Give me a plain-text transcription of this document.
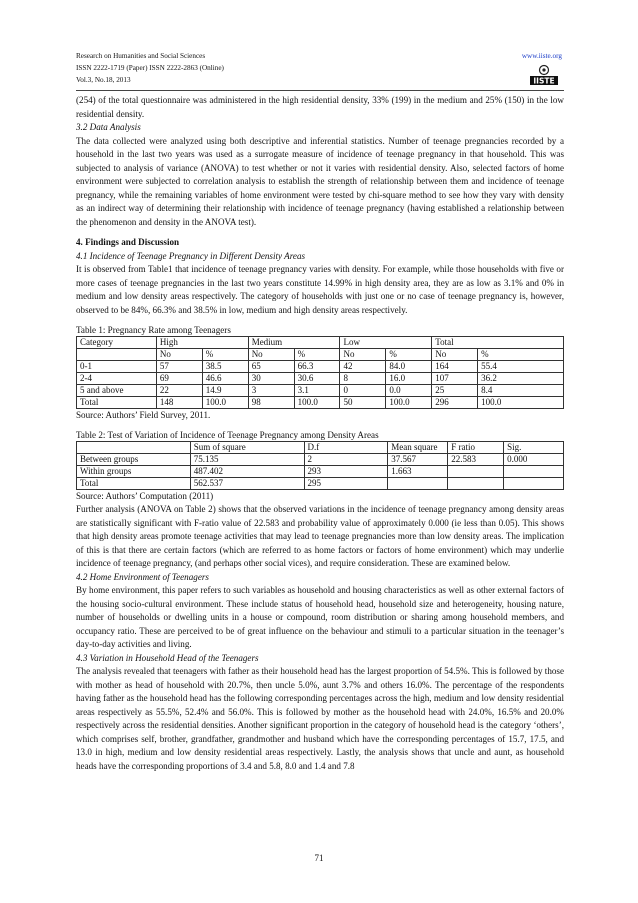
Research on Humanities and Social Sciences
ISSN 2222-1719 (Paper) ISSN 2222-2863 (Online)
Vol.3, No.18, 2013
www.iiste.org
IISTE

(254) of the total questionnaire was administered in the high residential density, 33% (199) in the medium and 25% (150) in the low residential density.

3.2 Data Analysis

The data collected were analyzed using both descriptive and inferential statistics. Number of teenage pregnancies recorded by a household in the last two years was used as a surrogate measure of incidence of teenage pregnancy in that household. This was subjected to analysis of variance (ANOVA) to test whether or not it varies with residential density. Also, selected factors of home environment were subjected to correlation analysis to establish the strength of relationship between them and incidence of teenage pregnancy, while the remaining variables of home environment were tested by chi-square method to see how they vary with density as an indirect way of determining their relationship with incidence of teenage pregnancy (having established a relationship between the phenomenon and density in the ANOVA test).

4. Findings and Discussion
4.1 Incidence of Teenage Pregnancy in Different Density Areas

It is observed from Table1 that incidence of teenage pregnancy varies with density. For example, while those households with five or more cases of teenage pregnancies in the last two years constitute 14.99% in high density area, they are as low as 3.1% and 0% in medium and low density areas respectively. The category of households with just one or no case of teenage pregnancy is, however, observed to be 84%, 66.3% and 38.5% in low, medium and high density areas respectively.

Table 1: Pregnancy Rate among Teenagers
Category	High		Medium		Low		Total	
	No	%	No	%	No	%	No	%
0-1	57	38.5	65	66.3	42	84.0	164	55.4
2-4	69	46.6	30	30.6	8	16.0	107	36.2
5 and above	22	14.9	3	3.1	0	0.0	25	8.4
Total	148	100.0	98	100.0	50	100.0	296	100.0
Source: Authors’ Field Survey, 2011.
Table 2: Test of Variation of Incidence of Teenage Pregnancy among Density Areas
	Sum of square	D.f	Mean square	F ratio	Sig.
Between groups	75.135	2	37.567	22.583	0.000
Within groups	487.402	293	1.663		
Total	562.537	295			
Source: Authors’ Computation (2011)

Further analysis (ANOVA on Table 2) shows that the observed variations in the incidence of teenage pregnancy among density areas are statistically significant with F-ratio value of 22.583 and probability value of approximately 0.000 (ie less than 0.05). This shows that high density areas promote teenage activities that may lead to teenage pregnancies more than low density areas. The implication of this is that there are certain factors (which are referred to as home factors or factors of home environment) which may underlie incidence of teenage pregnancy, (and perhaps other social vices), and require consideration. These are examined below.

4.2 Home Environment of Teenagers

By home environment, this paper refers to such variables as household and housing characteristics as well as other external factors of the housing socio-cultural environment. These include status of household head, household size and heterogeneity, housing nature, number of households or dwelling units in a house or compound, room distribution or sharing among household members, and occupancy ratio. These are perceived to be of great influence on the behaviour and stimuli to a particular situation in the teenager’s day-to-day activities and living.

4.3 Variation in Household Head of the Teenagers

The analysis revealed that teenagers with father as their household head has the largest proportion of 54.5%. This is followed by those with mother as head of household with 20.7%, then uncle 5.0%, aunt 3.7% and others 16.0%. The percentage of the respondents having father as the household head has the following corresponding percentages across the high, medium and low density residential areas respectively as 55.5%, 52.4% and 56.0%. This is followed by mother as the household head with 24.0%, 16.5% and 20.0% respectively across the residential densities. Another significant proportion in the category of household head is the category ‘others’, which comprises self, brother, grandfather, grandmother and husband which have the corresponding percentages of 15.7, 17.5, and 13.0 in high, medium and low density residential areas respectively. Lastly, the analysis shows that uncle and aunt, as household heads have the corresponding proportions of 3.4 and 5.8, 8.0 and 1.4 and 7.8

71
